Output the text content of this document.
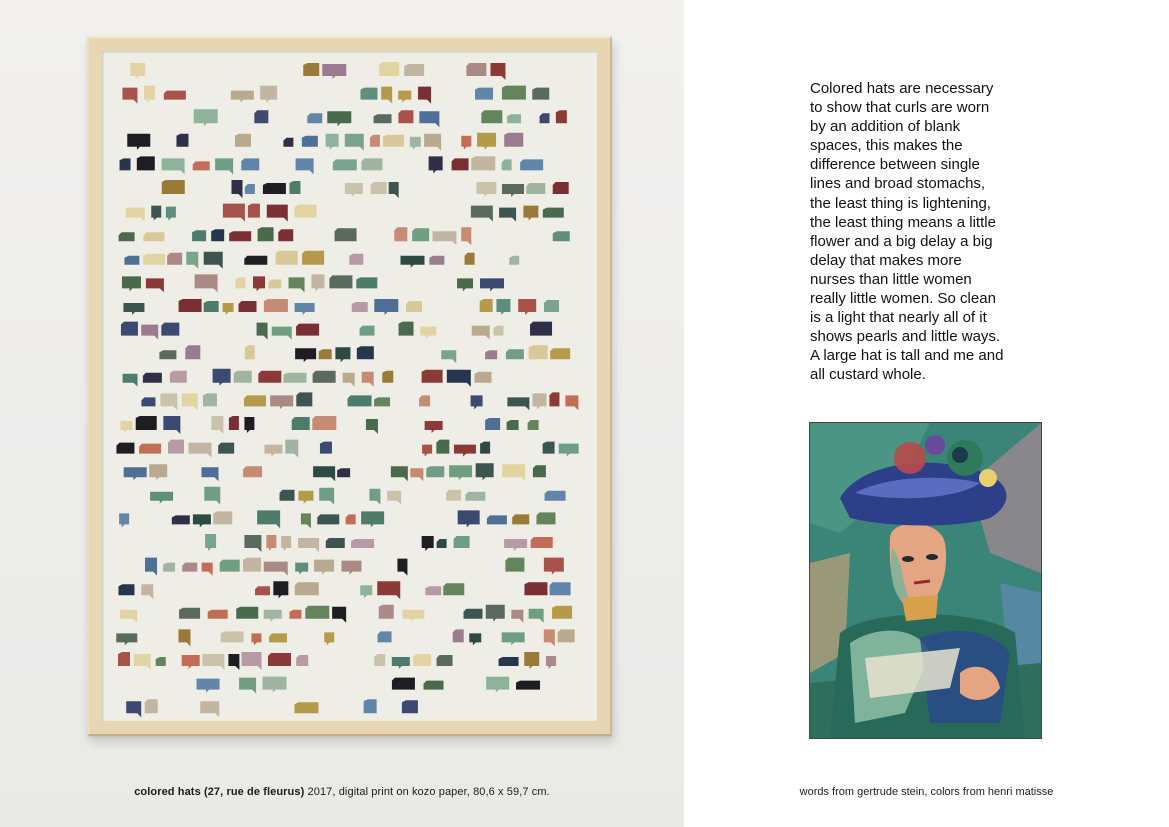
colored hats (27, rue de fleurus) 2017, digital print on kozo paper, 80,6 x 59,7 cm.
Colored hats are necessary
to show that curls are worn
by an addition of blank
spaces, this makes the
difference between single
lines and broad stomachs,
the least thing is lightening,
the least thing means a little
flower and a big delay a big
delay that makes more
nurses than little women
really little women. So clean
is a light that nearly all of it
shows pearls and little ways.
A large hat is tall and me and
all custard whole.
words from gertrude stein, colors from henri matisse
